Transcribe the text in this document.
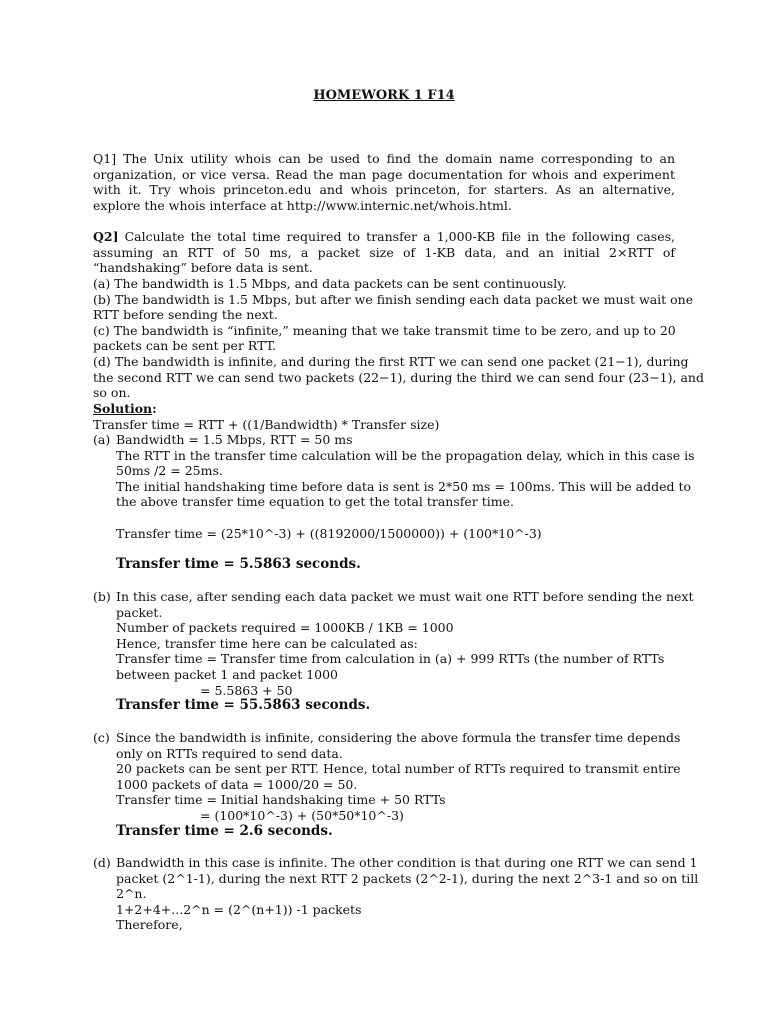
HOMEWORK 1 F14
Q1] The Unix utility whois can be used to find the domain name corresponding to an organization, or vice versa. Read the man page documentation for whois and experiment with it. Try whois princeton.edu and whois princeton, for starters. As an alternative, explore the whois interface at http://www.internic.net/whois.html.
Q2] Calculate the total time required to transfer a 1,000-KB file in the following cases, assuming an RTT of 50 ms, a packet size of 1-KB data, and an initial 2×RTT of “handshaking” before data is sent.
(a) The bandwidth is 1.5 Mbps, and data packets can be sent continuously.
(b) The bandwidth is 1.5 Mbps, but after we finish sending each data packet we must wait one
RTT before sending the next.
(c) The bandwidth is “infinite,” meaning that we take transmit time to be zero, and up to 20
packets can be sent per RTT.
(d) The bandwidth is infinite, and during the first RTT we can send one packet (21−1), during
the second RTT we can send two packets (22−1), during the third we can send four (23−1), and
so on.
Solution:
Transfer time = RTT + ((1/Bandwidth) * Transfer size)
(a) Bandwidth = 1.5 Mbps, RTT = 50 ms
The RTT in the transfer time calculation will be the propagation delay, which in this case is
50ms /2 = 25ms.
The initial handshaking time before data is sent is 2*50 ms = 100ms. This will be added to
the above transfer time equation to get the total transfer time.
Transfer time = (25*10^-3) + ((8192000/1500000)) + (100*10^-3)
Transfer time = 5.5863 seconds.
(b) In this case, after sending each data packet we must wait one RTT before sending the next
packet.
Number of packets required = 1000KB / 1KB = 1000
Hence, transfer time here can be calculated as:
Transfer time = Transfer time from calculation in (a) + 999 RTTs (the number of RTTs
between packet 1 and packet 1000
= 5.5863 + 50
Transfer time = 55.5863 seconds.
(c) Since the bandwidth is infinite, considering the above formula the transfer time depends
only on RTTs required to send data.
20 packets can be sent per RTT. Hence, total number of RTTs required to transmit entire
1000 packets of data = 1000/20 = 50.
Transfer time = Initial handshaking time + 50 RTTs
= (100*10^-3) + (50*50*10^-3)
Transfer time = 2.6 seconds.
(d) Bandwidth in this case is infinite. The other condition is that during one RTT we can send 1
packet (2^1-1), during the next RTT 2 packets (2^2-1), during the next 2^3-1 and so on till
2^n.
1+2+4+...2^n = (2^(n+1)) -1 packets
Therefore,
